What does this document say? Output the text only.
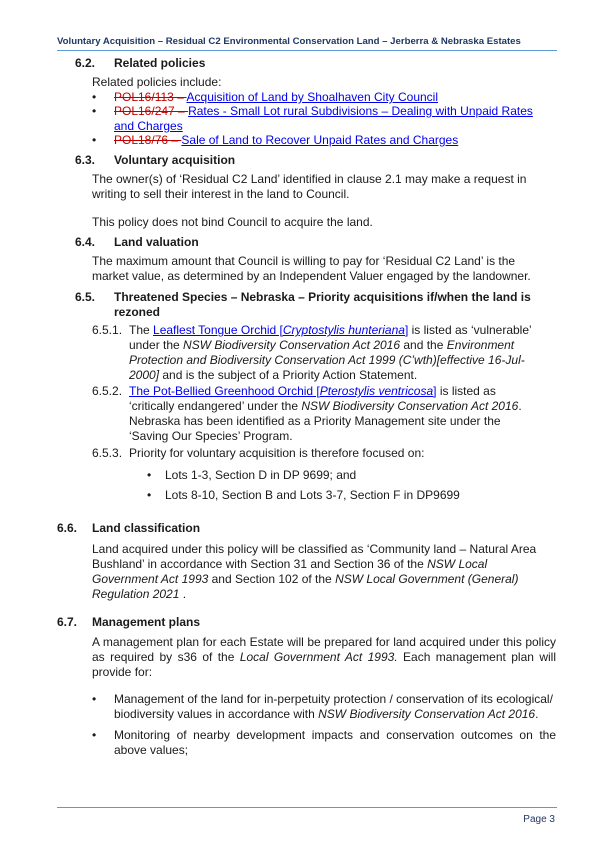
Voluntary Acquisition – Residual C2 Environmental Conservation Land – Jerberra & Nebraska Estates
6.2. Related policies
Related policies include:
• POL16/113 – Acquisition of Land by Shoalhaven City Council
• POL16/247 – Rates - Small Lot rural Subdivisions – Dealing with Unpaid Rates and Charges
• POL18/76 – Sale of Land to Recover Unpaid Rates and Charges
6.3. Voluntary acquisition
The owner(s) of ‘Residual C2 Land’ identified in clause 2.1 may make a request in writing to sell their interest in the land to Council.
This policy does not bind Council to acquire the land.
6.4. Land valuation
The maximum amount that Council is willing to pay for ‘Residual C2 Land’ is the market value, as determined by an Independent Valuer engaged by the landowner.
6.5. Threatened Species – Nebraska – Priority acquisitions if/when the land is
rezoned
6.5.1. The Leaflest Tongue Orchid [Cryptostylis hunteriana] is listed as ‘vulnerable’ under the NSW Biodiversity Conservation Act 2016 and the Environment Protection and Biodiversity Conservation Act 1999 (C’wth)[effective 16-Jul-2000] and is the subject of a Priority Action Statement.
6.5.2. The Pot-Bellied Greenhood Orchid [Pterostylis ventricosa] is listed as ‘critically endangered’ under the NSW Biodiversity Conservation Act 2016. Nebraska has been identified as a Priority Management site under the ‘Saving Our Species’ Program.
6.5.3. Priority for voluntary acquisition is therefore focused on:
• Lots 1-3, Section D in DP 9699; and
• Lots 8-10, Section B and Lots 3-7, Section F in DP9699
6.6. Land classification
Land acquired under this policy will be classified as ‘Community land – Natural Area Bushland’ in accordance with Section 31 and Section 36 of the NSW Local Government Act 1993 and Section 102 of the NSW Local Government (General) Regulation 2021 .
6.7. Management plans
A management plan for each Estate will be prepared for land acquired under this policy as required by s36 of the Local Government Act 1993. Each management plan will provide for:
• Management of the land for in-perpetuity protection / conservation of its ecological/ biodiversity values in accordance with NSW Biodiversity Conservation Act 2016.
• Monitoring of nearby development impacts and conservation outcomes on the above values;
Page 3
